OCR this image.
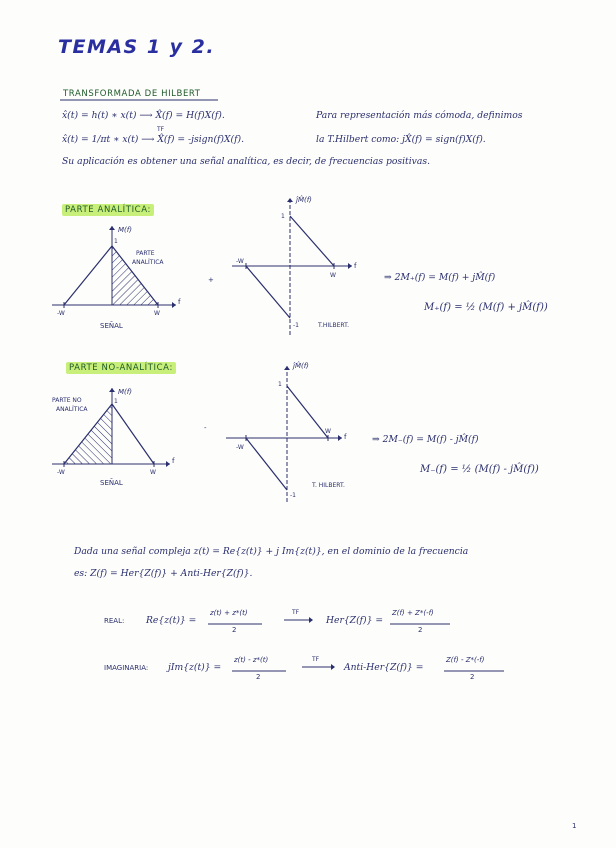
TEMAS 1 y 2.
TRANSFORMADA DE HILBERT
x̂(t) = h(t) ∗ x(t) ⟶ X̂(f) = H(f)X(f).	Para representación más cómoda, definimos
TF
x̂(t) = 1/πt ∗ x(t) ⟶ X̂(f) = -jsign(f)X(f).	la T.Hilbert como: jX̂(f) = sign(f)X(f).
Su aplicación es obtener una señal analítica, es decir, de frecuencias positivas.
PARTE ANALÍTICA:
1
M(f)
PARTE
ANALÍTICA
-W	W
f
SEÑAL
+
ĵM̂(f)
1
-1
-W
W
f
T.HILBERT.
⇒ 2M₊(f) = M(f) + jM̂(f)
M₊(f) = ½ (M(f) + jM̂(f))
PARTE NO-ANALÍTICA:
M(f)
1
PARTE NO
ANALÍTICA
-W	W
f
SEÑAL
-
ĵM̂(f)
1
-1
-W
W
f
T. HILBERT.
⇒ 2M₋(f) = M(f) - jM̂(f)
M₋(f) = ½ (M(f) - jM̂(f))
Dada una señal compleja z(t) = Re{z(t)} + j Im{z(t)}, en el dominio de la frecuencia
es: Z(f) = Her{Z(f)} + Anti-Her{Z(f)}.
REAL: Re{z(t)} =
z(t) + z*(t)
2
TF
Her{Z(f)} =
Z(f) + Z*(-f)
2
IMAGINARIA: jIm{z(t)} =
z(t) - z*(t)
2
TF
Anti-Her{Z(f)} =
Z(f) - Z*(-f)
2
1
